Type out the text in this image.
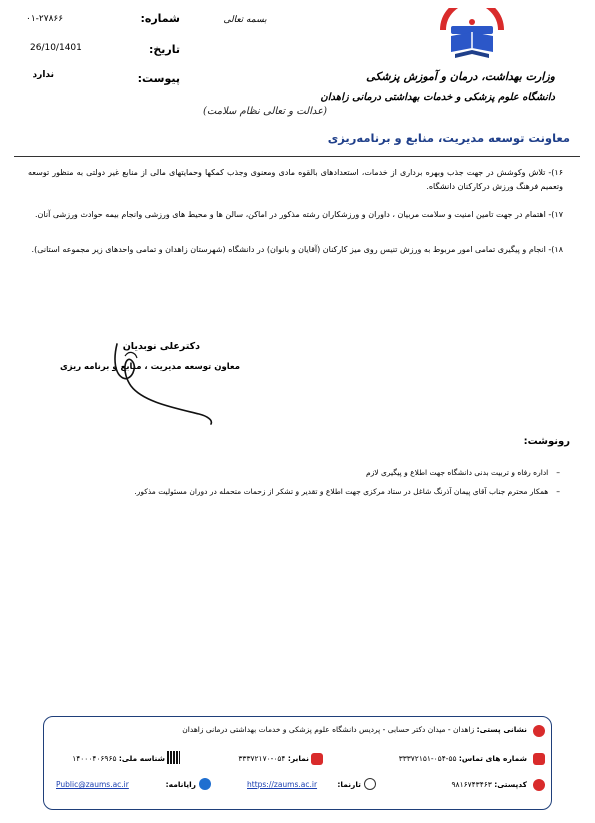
شماره:
۰۱-۲۷۸۶۶
تاریخ:
26/10/1401
پیوست:
ندارد
بسمه تعالی
وزارت بهداشت، درمان و آموزش پزشکی
دانشگاه علوم پزشکی و خدمات بهداشتی درمانی زاهدان
(عدالت و تعالی نظام سلامت)
معاونت توسعه مدیریت، منابع و برنامه‌ریزی
۱۶)- تلاش وکوشش در جهت جذب وبهره برداری از خدمات، استعدادهای بالقوه مادی ومعنوی وجذب کمکها وحمایتهای مالی از منابع غیر دولتی به منظور توسعه وتعمیم فرهنگ ورزش درکارکنان دانشگاه.
۱۷)- اهتمام در جهت تامین امنیت و سلامت مربیان ، داوران و ورزشکاران رشته مذکور در اماکن، سالن ها و محیط های ورزشی وانجام بیمه حوادث ورزشی آنان.
۱۸)- انجام و پیگیری تمامی امور مربوط به ورزش تنیس روی میز کارکنان (آقایان و بانوان) در دانشگاه (شهرستان زاهدان و تمامی واحدهای زیر مجموعه استانی).
دکترعلی نوبدیان
معاون توسعه مدیریت ، منابع و برنامه ریزی
رونوشت:
–اداره رفاه و تربیت بدنی دانشگاه جهت اطلاع و پیگیری لازم
–همکار محترم جناب آقای پیمان آذرنگ شاغل در ستاد مرکزی جهت اطلاع و تقدیر و تشکر از زحمات متحمله در دوران مسئولیت مذکور.
نشانی پستی: زاهدان - میدان دکتر حسابی - پردیس دانشگاه علوم پزشکی و خدمات بهداشتی درمانی زاهدان
شماره های تماس: ۵۵-۰۵۴-۳۳۳۷۲۱۵۱
نمابر: ۰۵۴-۳۳۳۷۲۱۷۰
شناسه ملی: ۱۴۰۰۰۴۰۶۹۶۵
کدپستی: ۹۸۱۶۷۴۳۴۶۳
تارنما:
https://zaums.ac.ir
رایانامه:
Public@zaums.ac.ir
